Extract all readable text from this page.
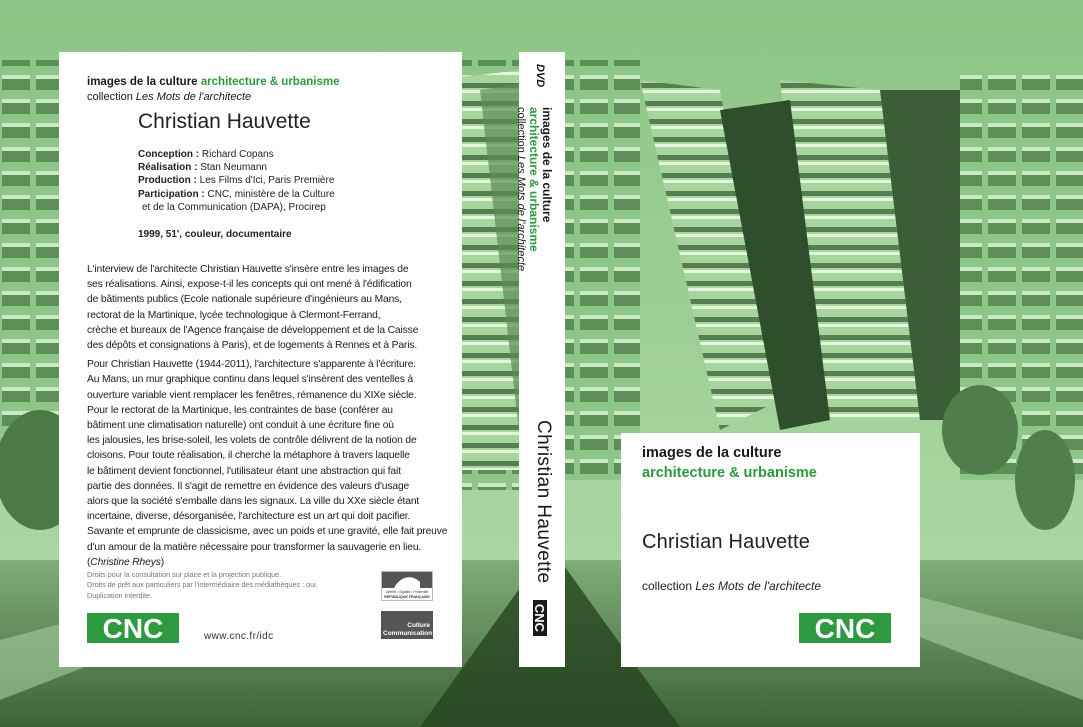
images de la culture architecture & urbanisme
collection Les Mots de l'architecte
Christian Hauvette
Conception : Richard Copans
Réalisation : Stan Neumann
Production : Les Films d'Ici, Paris Première
Participation : CNC, ministère de la Culture
et de la Communication (DAPA), Procirep
1999, 51', couleur, documentaire

L'interview de l'architecte Christian Hauvette s'insère entre les images de
ses réalisations. Ainsi, expose-t-il les concepts qui ont mené à l'édification
de bâtiments publics (Ecole nationale supérieure d'ingénieurs au Mans,
rectorat de la Martinique, lycée technologique à Clermont-Ferrand,
crèche et bureaux de l'Agence française de développement et de la Caisse
des dépôts et consignations à Paris), et de logements à Rennes et à Paris.

Pour Christian Hauvette (1944-2011), l'architecture s'apparente à l'écriture.
Au Mans, un mur graphique continu dans lequel s'insèrent des ventelles à
ouverture variable vient remplacer les fenêtres, rémanence du XIXe siècle.
Pour le rectorat de la Martinique, les contraintes de base (conférer au
bâtiment une climatisation naturelle) ont conduit à une écriture fine où
les jalousies, les brise-soleil, les volets de contrôle délivrent de la notion de
cloisons. Pour toute réalisation, il cherche la métaphore à travers laquelle
le bâtiment devient fonctionnel, l'utilisateur étant une abstraction qui fait
partie des données. Il s'agit de remettre en évidence des valeurs d'usage
alors que la société s'emballe dans les signaux. La ville du XXe siècle étant
incertaine, diverse, désorganisée, l'architecture est un art qui doit pacifier.
Savante et emprunte de classicisme, avec un poids et une gravité, elle fait preuve
d'un amour de la matière nécessaire pour transformer la sauvagerie en lieu. (Christine Rheys)

Droits pour la consultation sur place et la projection publique.
Droits de prêt aux particuliers par l'intermédiaire des médiathèques : oui.
Duplication interdite.
CNC	www.cnc.fr/idc
Liberté • Égalité • Fraternité
RÉPUBLIQUE FRANÇAISE
Culture
Communication
DVD
images de la culture
architecture & urbanisme
collection Les Mots de l'architecte
Christian Hauvette
CNC
images de la culture
architecture & urbanisme
Christian Hauvette
collection Les Mots de l'architecte
CNC
